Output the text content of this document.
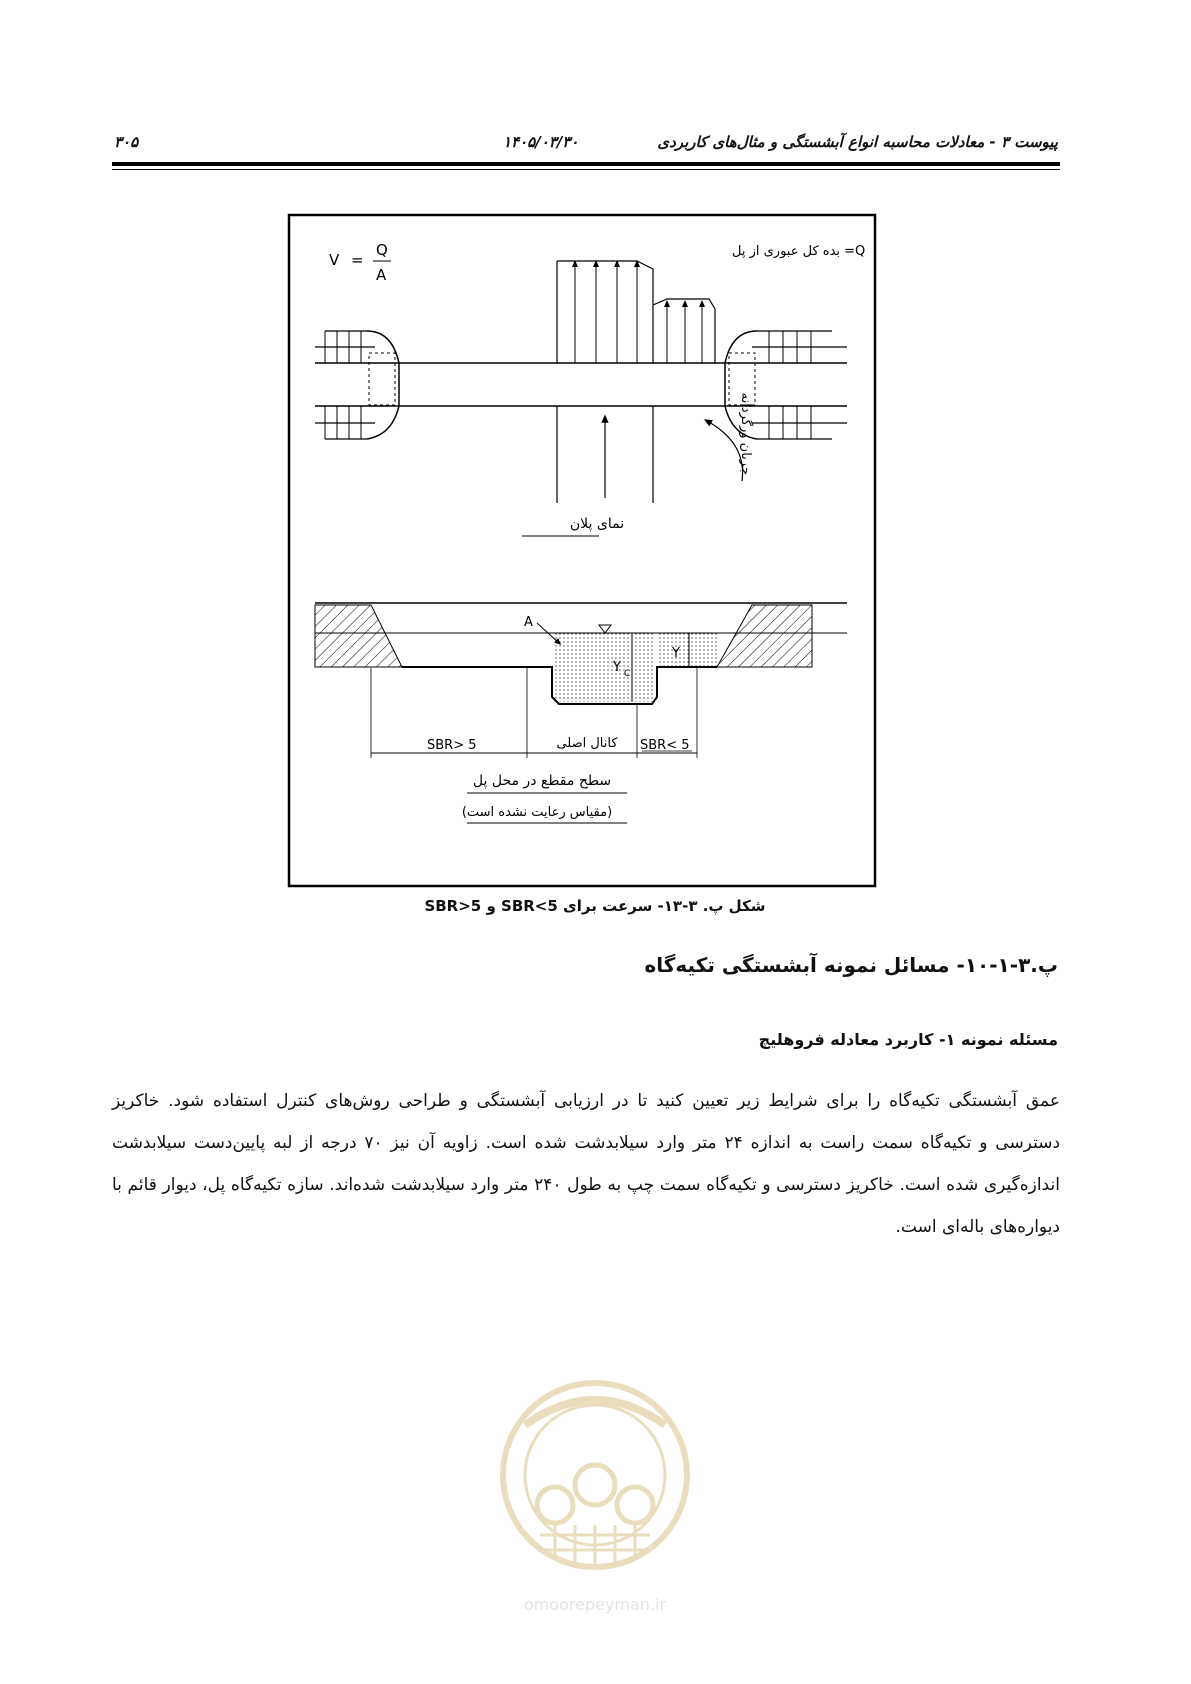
پیوست ۳ - معادلات محاسبه انواع آبشستگی و مثال‌های کاربردی
۱۴۰۵/۰۳/۳۰
۳۰۵
V =
Q
A
Q= بده کل عبوری از پل
جریان ورگردانه
نمای پلان
A
Y C
Y
SBR> 5	کانال اصلی SBR< 5
سطح مقطع در محل پل
(مقیاس رعایت نشده است)
شکل پ. ۳-۱۳- سرعت برای SBR<5 و SBR>5
پ.۳-۱-۱۰- مسائل نمونه آبشستگی تکیه‌گاه
مسئله نمونه ۱- کاربرد معادله فروهلیچ
عمق آبشستگی تکیه‌گاه را برای شرایط زیر تعیین کنید تا در ارزیابی آبشستگی و طراحی روش‌های کنترل استفاده شود. خاکریز دسترسی و تکیه‌گاه سمت راست به اندازه ۲۴ متر وارد سیلابدشت شده است. زاویه آن نیز ۷۰ درجه از لبه پایین‌دست سیلابدشت اندازه‌گیری شده است. خاکریز دسترسی و تکیه‌گاه سمت چپ به طول ۲۴۰ متر وارد سیلابدشت شده‌اند. سازه تکیه‌گاه پل، دیوار قائم با دیواره‌های باله‌ای است.
omoorepeyman.ir
